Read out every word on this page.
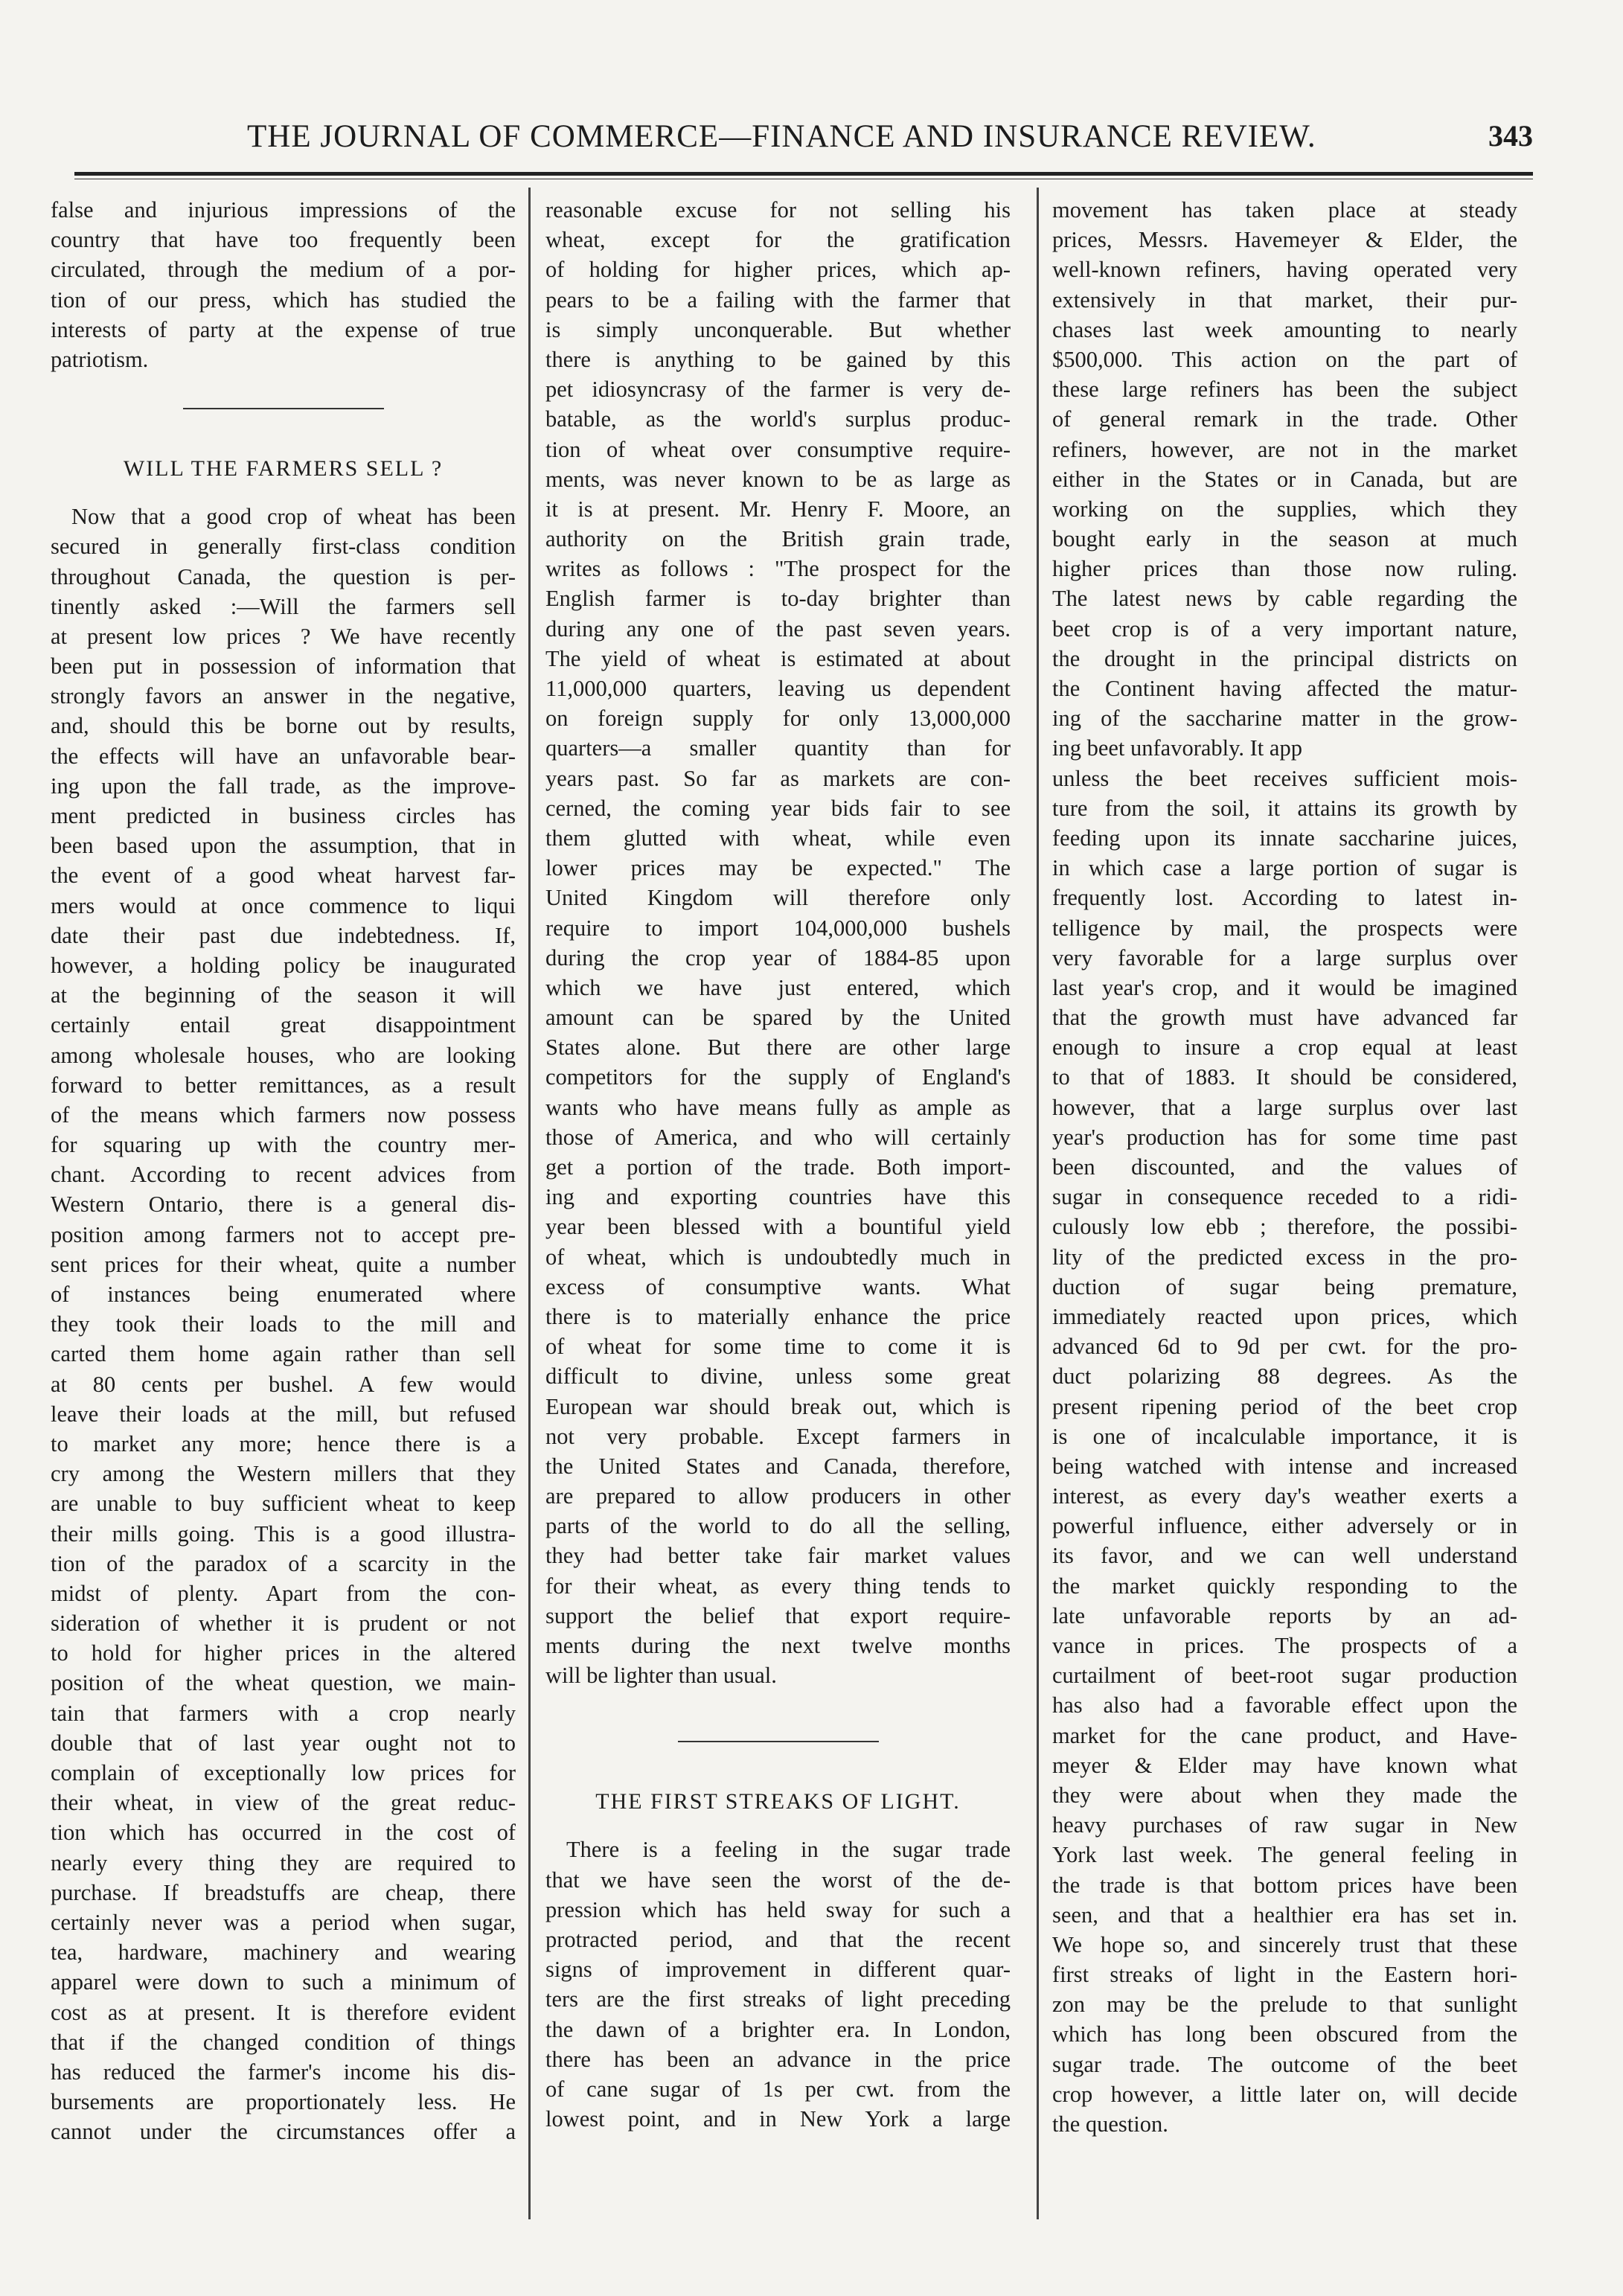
THE JOURNAL OF COMMERCE—FINANCE AND INSURANCE REVIEW.	343
false and injurious impressions of the
country that have too frequently been
circulated, through the medium of a por-
tion of our press, which has studied the
interests of party at the expense of true
patriotism.
WILL THE FARMERS SELL ?
Now that a good crop of wheat has been
secured in generally first-class condition
throughout Canada, the question is per-
tinently asked :—Will the farmers sell
at present low prices ? We have recently
been put in possession of information that
strongly favors an answer in the negative,
and, should this be borne out by results,
the effects will have an unfavorable bear-
ing upon the fall trade, as the improve-
ment predicted in business circles has
been based upon the assumption, that in
the event of a good wheat harvest far-
mers would at once commence to liqui
date their past due indebtedness. If,
however, a holding policy be inaugurated
at the beginning of the season it will
certainly entail great disappointment
among wholesale houses, who are looking
forward to better remittances, as a result
of the means which farmers now possess
for squaring up with the country mer-
chant. According to recent advices from
Western Ontario, there is a general dis-
position among farmers not to accept pre-
sent prices for their wheat, quite a number
of instances being enumerated where
they took their loads to the mill and
carted them home again rather than sell
at 80 cents per bushel. A few would
leave their loads at the mill, but refused
to market any more; hence there is a
cry among the Western millers that they
are unable to buy sufficient wheat to keep
their mills going. This is a good illustra-
tion of the paradox of a scarcity in the
midst of plenty. Apart from the con-
sideration of whether it is prudent or not
to hold for higher prices in the altered
position of the wheat question, we main-
tain that farmers with a crop nearly
double that of last year ought not to
complain of exceptionally low prices for
their wheat, in view of the great reduc-
tion which has occurred in the cost of
nearly every thing they are required to
purchase. If breadstuffs are cheap, there
certainly never was a period when sugar,
tea, hardware, machinery and wearing
apparel were down to such a minimum of
cost as at present. It is therefore evident
that if the changed condition of things
has reduced the farmer's income his dis-
bursements are proportionately less. He
cannot under the circumstances offer a
reasonable excuse for not selling his
wheat, except for the gratification
of holding for higher prices, which ap-
pears to be a failing with the farmer that
is simply unconquerable. But whether
there is anything to be gained by this
pet idiosyncrasy of the farmer is very de-
batable, as the world's surplus produc-
tion of wheat over consumptive require-
ments, was never known to be as large as
it is at present. Mr. Henry F. Moore, an
authority on the British grain trade,
writes as follows : "The prospect for the
English farmer is to-day brighter than
during any one of the past seven years.
The yield of wheat is estimated at about
11,000,000 quarters, leaving us dependent
on foreign supply for only 13,000,000
quarters—a smaller quantity than for
years past. So far as markets are con-
cerned, the coming year bids fair to see
them glutted with wheat, while even
lower prices may be expected." The
United Kingdom will therefore only
require to import 104,000,000 bushels
during the crop year of 1884-85 upon
which we have just entered, which
amount can be spared by the United
States alone. But there are other large
competitors for the supply of England's
wants who have means fully as ample as
those of America, and who will certainly
get a portion of the trade. Both import-
ing and exporting countries have this
year been blessed with a bountiful yield
of wheat, which is undoubtedly much in
excess of consumptive wants. What
there is to materially enhance the price
of wheat for some time to come it is
difficult to divine, unless some great
European war should break out, which is
not very probable. Except farmers in
the United States and Canada, therefore,
are prepared to allow producers in other
parts of the world to do all the selling,
they had better take fair market values
for their wheat, as every thing tends to
support the belief that export require-
ments during the next twelve months
will be lighter than usual.
THE FIRST STREAKS OF LIGHT.
There is a feeling in the sugar trade
that we have seen the worst of the de-
pression which has held sway for such a
protracted period, and that the recent
signs of improvement in different quar-
ters are the first streaks of light preceding
the dawn of a brighter era. In London,
there has been an advance in the price
of cane sugar of 1s per cwt. from the
lowest point, and in New York a large
movement has taken place at steady
prices, Messrs. Havemeyer & Elder, the
well-known refiners, having operated very
extensively in that market, their pur-
chases last week amounting to nearly
$500,000. This action on the part of
these large refiners has been the subject
of general remark in the trade. Other
refiners, however, are not in the market
either in the States or in Canada, but are
working on the supplies, which they
bought early in the season at much
higher prices than those now ruling.
The latest news by cable regarding the
beet crop is of a very important nature,
the drought in the principal districts on
the Continent having affected the matur-
ing of the saccharine matter in the grow-
ing beet unfavorably. It app
unless the beet receives sufficient mois-
ture from the soil, it attains its growth by
feeding upon its innate saccharine juices,
in which case a large portion of sugar is
frequently lost. According to latest in-
telligence by mail, the prospects were
very favorable for a large surplus over
last year's crop, and it would be imagined
that the growth must have advanced far
enough to insure a crop equal at least
to that of 1883. It should be considered,
however, that a large surplus over last
year's production has for some time past
been discounted, and the values of
sugar in consequence receded to a ridi-
culously low ebb ; therefore, the possibi-
lity of the predicted excess in the pro-
duction of sugar being premature,
immediately reacted upon prices, which
advanced 6d to 9d per cwt. for the pro-
duct polarizing 88 degrees. As the
present ripening period of the beet crop
is one of incalculable importance, it is
being watched with intense and increased
interest, as every day's weather exerts a
powerful influence, either adversely or in
its favor, and we can well understand
the market quickly responding to the
late unfavorable reports by an ad-
vance in prices. The prospects of a
curtailment of beet-root sugar production
has also had a favorable effect upon the
market for the cane product, and Have-
meyer & Elder may have known what
they were about when they made the
heavy purchases of raw sugar in New
York last week. The general feeling in
the trade is that bottom prices have been
seen, and that a healthier era has set in.
We hope so, and sincerely trust that these
first streaks of light in the Eastern hori-
zon may be the prelude to that sunlight
which has long been obscured from the
sugar trade. The outcome of the beet
crop however, a little later on, will decide
the question.
